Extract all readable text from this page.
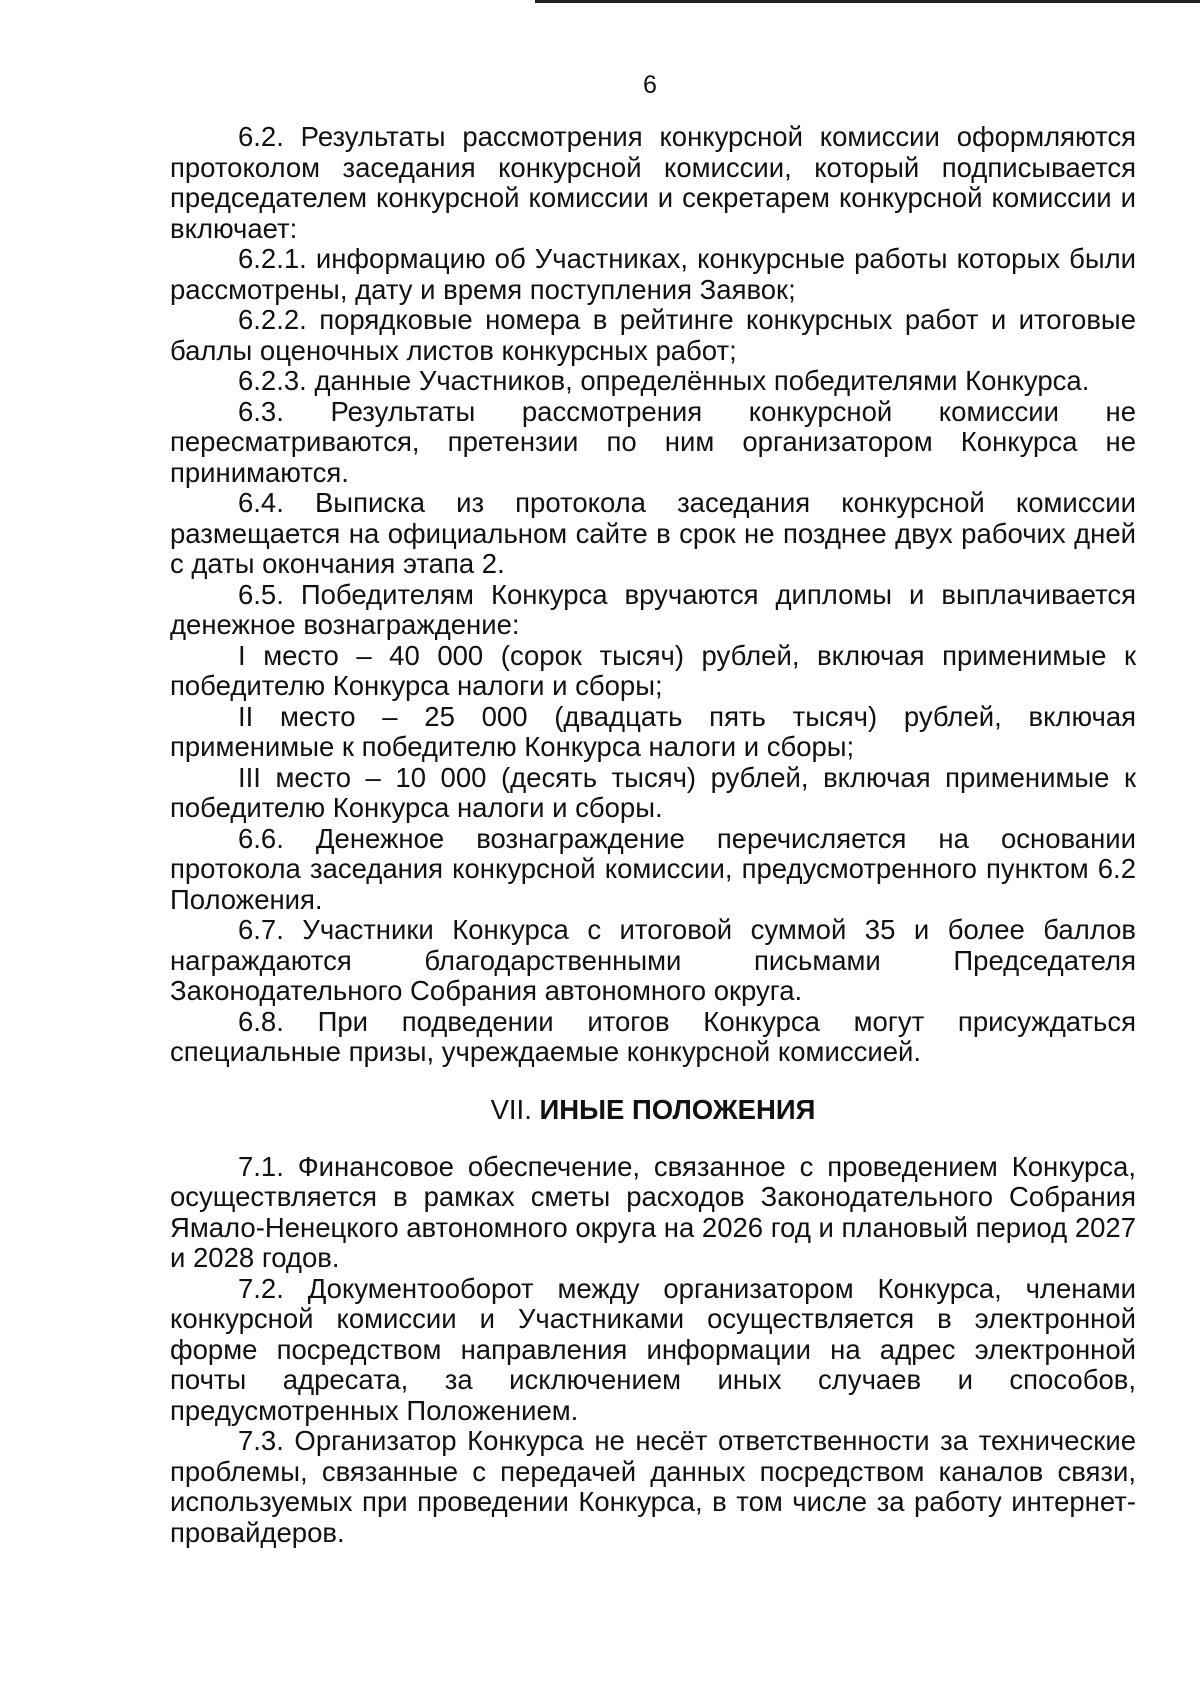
6

6.2. Результаты рассмотрения конкурсной комиссии оформляются протоколом заседания конкурсной комиссии, который подписывается председателем конкурсной комиссии и секретарем конкурсной комиссии и включает:

6.2.1. информацию об Участниках, конкурсные работы которых были рассмотрены, дату и время поступления Заявок;

6.2.2. порядковые номера в рейтинге конкурсных работ и итоговые баллы оценочных листов конкурсных работ;

6.2.3. данные Участников, определённых победителями Конкурса.

6.3. Результаты рассмотрения конкурсной комиссии не пересматриваются, претензии по ним организатором Конкурса не принимаются.

6.4. Выписка из протокола заседания конкурсной комиссии размещается на официальном сайте в срок не позднее двух рабочих дней с даты окончания этапа 2.

6.5. Победителям Конкурса вручаются дипломы и выплачивается денежное вознаграждение:

I место – 40 000 (сорок тысяч) рублей, включая применимые к победителю Конкурса налоги и сборы;

II место – 25 000 (двадцать пять тысяч) рублей, включая применимые к победителю Конкурса налоги и сборы;

III место – 10 000 (десять тысяч) рублей, включая применимые к победителю Конкурса налоги и сборы.

6.6. Денежное вознаграждение перечисляется на основании протокола заседания конкурсной комиссии, предусмотренного пунктом 6.2 Положения.

6.7. Участники Конкурса с итоговой суммой 35 и более баллов награждаются благодарственными письмами Председателя Законодательного Собрания автономного округа.

6.8. При подведении итогов Конкурса могут присуждаться специальные призы, учреждаемые конкурсной комиссией.

VII. ИНЫЕ ПОЛОЖЕНИЯ

7.1. Финансовое обеспечение, связанное с проведением Конкурса, осуществляется в рамках сметы расходов Законодательного Собрания Ямало-Ненецкого автономного округа на 2026 год и плановый период 2027 и 2028 годов.

7.2. Документооборот между организатором Конкурса, членами конкурсной комиссии и Участниками осуществляется в электронной форме посредством направления информации на адрес электронной почты адресата, за исключением иных случаев и способов, предусмотренных Положением.

7.3. Организатор Конкурса не несёт ответственности за технические проблемы, связанные с передачей данных посредством каналов связи, используемых при проведении Конкурса, в том числе за работу интернет-провайдеров.
